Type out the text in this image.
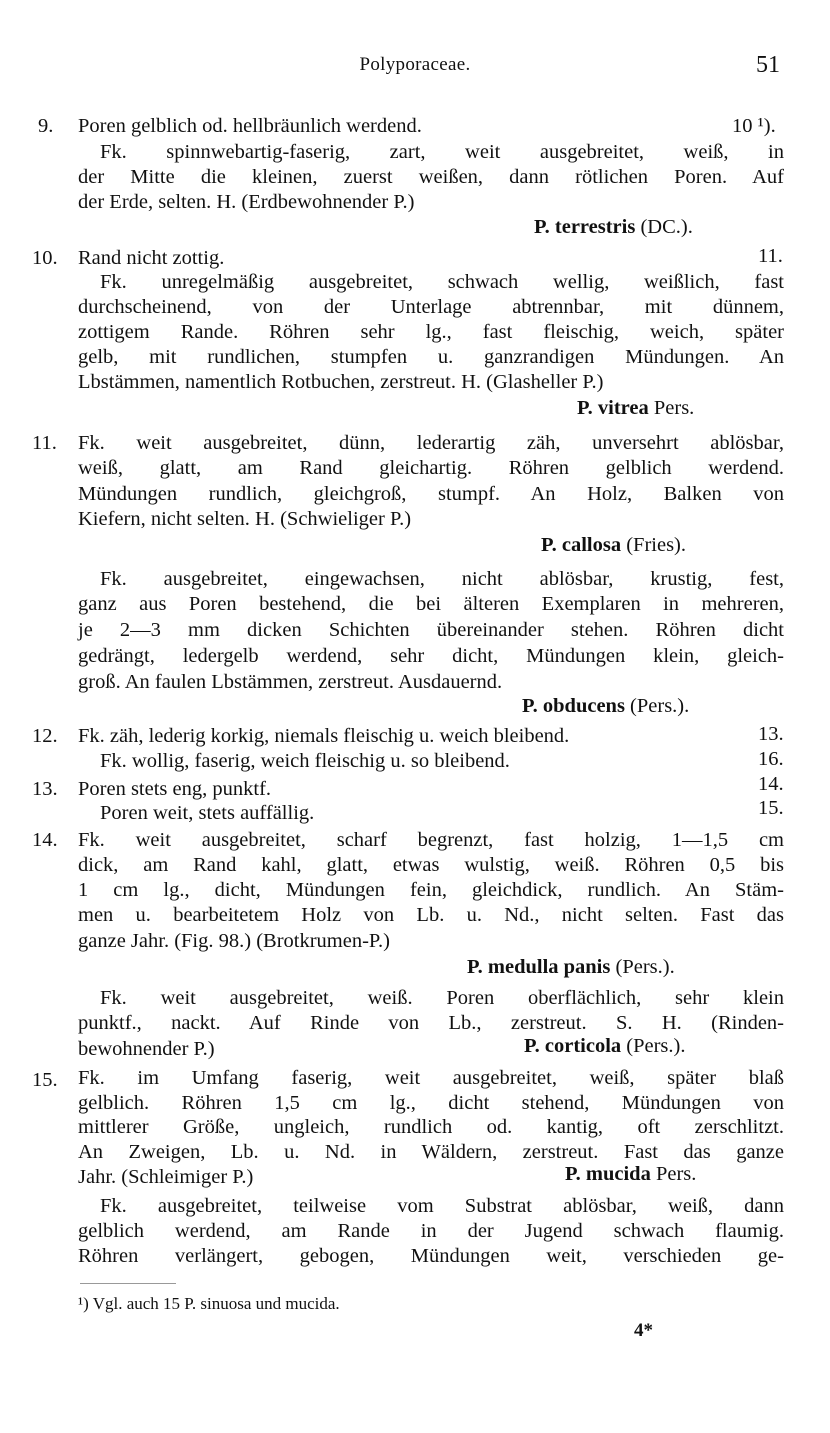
Polyporaceae.	51
9. Poren gelblich od. hellbräunlich werdend.	10 ¹).
Fk. spinnwebartig-faserig, zart, weit ausgebreitet, weiß, in
der Mitte die kleinen, zuerst weißen, dann rötlichen Poren. Auf
der Erde, selten. H. (Erdbewohnender P.)
P. terrestris (DC.).
10. Rand nicht zottig.	11.
Fk. unregelmäßig ausgebreitet, schwach wellig, weißlich, fast
durchscheinend, von der Unterlage abtrennbar, mit dünnem,
zottigem Rande. Röhren sehr lg., fast fleischig, weich, später
gelb, mit rundlichen, stumpfen u. ganzrandigen Mündungen. An
Lbstämmen, namentlich Rotbuchen, zerstreut. H. (Glasheller P.)
P. vitrea Pers.
11. Fk. weit ausgebreitet, dünn, lederartig zäh, unversehrt ablösbar,
weiß, glatt, am Rand gleichartig. Röhren gelblich werdend.
Mündungen rundlich, gleichgroß, stumpf. An Holz, Balken von
Kiefern, nicht selten. H. (Schwieliger P.)
P. callosa (Fries).
Fk. ausgebreitet, eingewachsen, nicht ablösbar, krustig, fest,
ganz aus Poren bestehend, die bei älteren Exemplaren in mehreren,
je 2—3 mm dicken Schichten übereinander stehen. Röhren dicht
gedrängt, ledergelb werdend, sehr dicht, Mündungen klein, gleich-
groß. An faulen Lbstämmen, zerstreut. Ausdauernd.
P. obducens (Pers.).
12. Fk. zäh, lederig korkig, niemals fleischig u. weich bleibend.	13.
Fk. wollig, faserig, weich fleischig u. so bleibend.	16.
13. Poren stets eng, punktf.	14.
Poren weit, stets auffällig.	15.
14. Fk. weit ausgebreitet, scharf begrenzt, fast holzig, 1—1,5 cm
dick, am Rand kahl, glatt, etwas wulstig, weiß. Röhren 0,5 bis
1 cm lg., dicht, Mündungen fein, gleichdick, rundlich. An Stäm-
men u. bearbeitetem Holz von Lb. u. Nd., nicht selten. Fast das
ganze Jahr. (Fig. 98.) (Brotkrumen-P.)
P. medulla panis (Pers.).
Fk. weit ausgebreitet, weiß. Poren oberflächlich, sehr klein
punktf., nackt. Auf Rinde von Lb., zerstreut. S. H. (Rinden-
bewohnender P.)	P. corticola (Pers.).
15. Fk. im Umfang faserig, weit ausgebreitet, weiß, später blaß
gelblich. Röhren 1,5 cm lg., dicht stehend, Mündungen von
mittlerer Größe, ungleich, rundlich od. kantig, oft zerschlitzt.
An Zweigen, Lb. u. Nd. in Wäldern, zerstreut. Fast das ganze
Jahr. (Schleimiger P.)	P. mucida Pers.
Fk. ausgebreitet, teilweise vom Substrat ablösbar, weiß, dann
gelblich werdend, am Rande in der Jugend schwach flaumig.
Röhren verlängert, gebogen, Mündungen weit, verschieden ge-
¹) Vgl. auch 15 P. sinuosa und mucida.
4*
